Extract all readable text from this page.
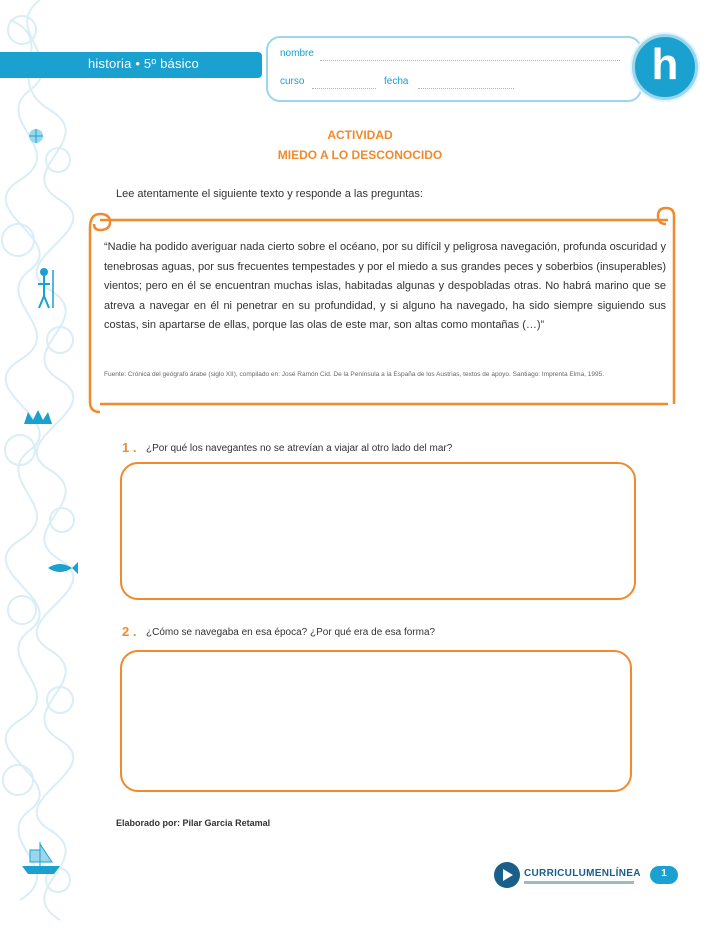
historia • 5º básico
nombre
curso	fecha	h
ACTIVIDAD
MIEDO A LO DESCONOCIDO
Lee atentamente el siguiente texto y responde a las preguntas:
“Nadie ha podido averiguar nada cierto sobre el océano, por su difícil y peligrosa navegación, profunda oscuridad y tenebrosas aguas, por sus frecuentes tempestades y por el miedo a sus grandes peces y soberbios (insuperables) vientos; pero en él se encuentran muchas islas, habitadas algunas y despobladas otras. No habrá marino que se atreva a navegar en él ni penetrar en su profundidad, y si alguno ha navegado, ha sido siempre siguiendo sus costas, sin apartarse de ellas, porque las olas de este mar, son altas como montañas (…)”
Fuente: Crónica del geógrafo árabe (siglo XII), compilado en: José Ramón Cid. De la Península a la España de los Austrias, textos de apoyo. Santiago: Imprenta Elma, 1995.
1 . ¿Por qué los navegantes no se atrevían a viajar al otro lado del mar?
2 . ¿Cómo se navegaba en esa época? ¿Por qué era de esa forma?
Elaborado por: Pilar Garcia Retamal
CURRICULUMENLÍNEA	1
